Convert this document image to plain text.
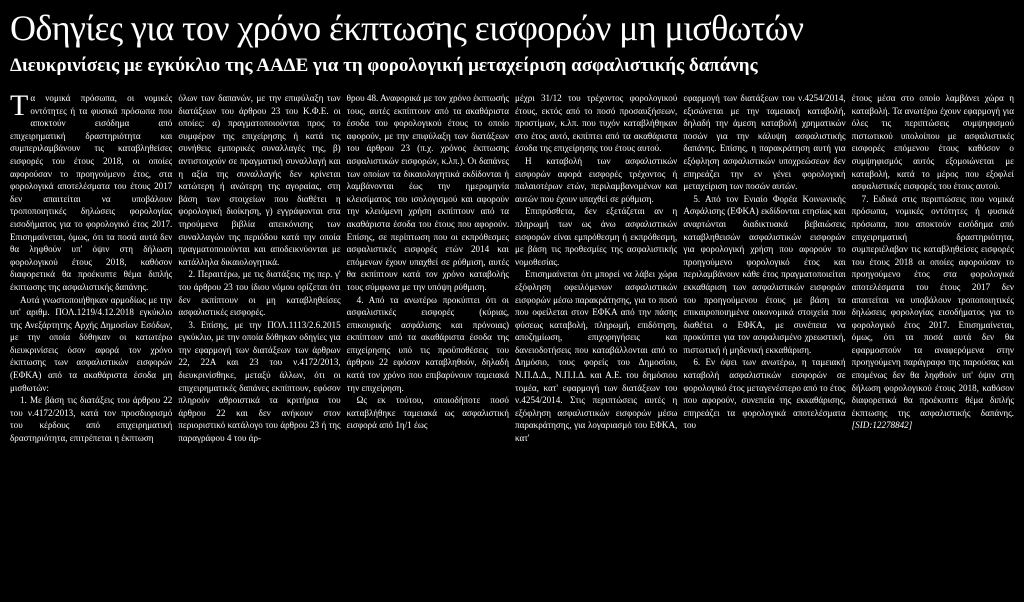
Οδηγίες για τον χρόνο έκπτωσης εισφορών μη μισθωτών
Διευκρινίσεις με εγκύκλιο της ΑΑΔΕ για τη φορολογική μεταχείριση ασφαλιστικής δαπάνης

Τα νομικά πρόσωπα, οι νομικές οντότητες ή τα φυσικά πρόσωπα που αποκτούν εισόδημα από επιχειρηματική δραστηριότητα και συμπεριλαμβάνουν τις καταβληθείσες εισφορές του έτους 2018, οι οποίες αφορούσαν το προηγούμενο έτος, στα φορολογικά αποτελέσματα του έτους 2017 δεν απαιτείται να υποβάλουν τροποποιητικές δηλώσεις φορολογίας εισοδήματος για το φορολογικό έτος 2017. Επισημαίνεται, όμως, ότι τα ποσά αυτά δεν θα ληφθούν υπ' όψιν στη δήλωση φορολογικού έτους 2018, καθόσον διαφορετικά θα προέκυπτε θέμα διπλής έκπτωσης της ασφαλιστικής δαπάνης.

Αυτά γνωστοποιήθηκαν αρμοδίως με την υπ' αριθμ. ΠΟΛ.1219/4.12.2018 εγκύκλιο της Ανεξάρτητης Αρχής Δημοσίων Εσόδων, με την οποία δόθηκαν οι κατωτέρω διευκρινίσεις όσον αφορά τον χρόνο έκπτωσης των ασφαλιστικών εισφορών (ΕΦΚΑ) από τα ακαθάριστα έσοδα μη μισθωτών:

1. Με βάση τις διατάξεις του άρθρου 22 του ν.4172/2013, κατά τον προσδιορισμό του κέρδους από επιχειρηματική δραστηριότητα, επιτρέπεται η έκπτωση

όλων των δαπανών, με την επιφύλαξη των διατάξεων του άρθρου 23 του Κ.Φ.Ε. οι οποίες: α) πραγματοποιούνται προς το συμφέρον της επιχείρησης ή κατά τις συνήθεις εμπορικές συναλλαγές της, β) αντιστοιχούν σε πραγματική συναλλαγή και η αξία της συναλλαγής δεν κρίνεται κατώτερη ή ανώτερη της αγοραίας, στη βάση των στοιχείων που διαθέτει η φορολογική διοίκηση, γ) εγγράφονται στα τηρούμενα βιβλία απεικόνισης των συναλλαγών της περιόδου κατά την οποία πραγματοποιούνται και αποδεικνύονται με κατάλληλα δικαιολογητικά.

2. Περαιτέρω, με τις διατάξεις της περ. γ' του άρθρου 23 του ίδιου νόμου ορίζεται ότι δεν εκπίπτουν οι μη καταβληθείσες ασφαλιστικές εισφορές.

3. Επίσης, με την ΠΟΛ.1113/2.6.2015 εγκύκλιο, με την οποία δόθηκαν οδηγίες για την εφαρμογή των διατάξεων των άρθρων 22, 22Α και 23 του ν.4172/2013, διευκρινίσθηκε, μεταξύ άλλων, ότι οι επιχειρηματικές δαπάνες εκπίπτουν, εφόσον πληρούν αθροιστικά τα κριτήρια του άρθρου 22 και δεν ανήκουν στον περιοριστικό κατάλογο του άρθρου 23 ή της παραγράφου 4 του άρ-

θρου 48. Αναφορικά με τον χρόνο έκπτωσής τους, αυτές εκπίπτουν από τα ακαθάριστα έσοδα του φορολογικού έτους το οποίο αφορούν, με την επιφύλαξη των διατάξεων του άρθρου 23 (π.χ. χρόνος έκπτωσης ασφαλιστικών εισφορών, κ.λπ.). Οι δαπάνες των οποίων τα δικαιολογητικά εκδίδονται ή λαμβάνονται έως την ημερομηνία κλεισίματος του ισολογισμού και αφορούν την κλειόμενη χρήση εκπίπτουν από τα ακαθάριστα έσοδα του έτους που αφορούν. Επίσης, σε περίπτωση που οι εκπρόθεσμες ασφαλιστικές εισφορές ετών 2014 και επόμενων έχουν υπαχθεί σε ρύθμιση, αυτές θα εκπίπτουν κατά τον χρόνο καταβολής τους σύμφωνα με την υπόψη ρύθμιση.

4. Από τα ανωτέρω προκύπτει ότι οι ασφαλιστικές εισφορές (κύριας, επικουρικής ασφάλισης και πρόνοιας) εκπίπτουν από τα ακαθάριστα έσοδα της επιχείρησης υπό τις προϋποθέσεις του άρθρου 22 εφόσον καταβληθούν, δηλαδή κατά τον χρόνο που επιβαρύνουν ταμειακά την επιχείρηση.

Ως εκ τούτου, οποιοδήποτε ποσό καταβλήθηκε ταμειακά ως ασφαλιστική εισφορά από 1η/1 έως

μέχρι 31/12 του τρέχοντος φορολογικού έτους, εκτός από το ποσό προσαυξήσεων, προστίμων, κ.λπ. που τυχόν καταβλήθηκαν στο έτος αυτό, εκπίπτει από τα ακαθάριστα έσοδα της επιχείρησης του έτους αυτού.

Η καταβολή των ασφαλιστικών εισφορών αφορά εισφορές τρέχοντος ή παλαιοτέρων ετών, περιλαμβανομένων και αυτών που έχουν υπαχθεί σε ρύθμιση.

Επιπρόσθετα, δεν εξετάζεται αν η πληρωμή των ως άνω ασφαλιστικών εισφορών είναι εμπρόθεσμη ή εκπρόθεσμη, με βάση τις προθεσμίες της ασφαλιστικής νομοθεσίας.

Επισημαίνεται ότι μπορεί να λάβει χώρα εξόφληση οφειλόμενων ασφαλιστικών εισφορών μέσω παρακράτησης, για το ποσό που οφείλεται στον ΕΦΚΑ από την πάσης φύσεως καταβολή, πληρωμή, επιδότηση, αποζημίωση, επιχορηγήσεις και δανειοδοτήσεις που καταβάλλονται από το Δημόσιο, τους φορείς του Δημοσίου, Ν.Π.Δ.Δ., Ν.Π.Ι.Δ. και Α.Ε. του δημόσιου τομέα, κατ' εφαρμογή των διατάξεων του ν.4254/2014. Στις περιπτώσεις αυτές η εξόφληση ασφαλιστικών εισφορών μέσω παρακράτησης, για λογαριασμό του ΕΦΚΑ, κατ'

εφαρμογή των διατάξεων του ν.4254/2014, εξισώνεται με την ταμειακή καταβολή, δηλαδή την άμεση καταβολή χρηματικών ποσών για την κάλυψη ασφαλιστικής δαπάνης. Επίσης, η παρακράτηση αυτή για εξόφληση ασφαλιστικών υποχρεώσεων δεν επηρεάζει την εν γένει φορολογική μεταχείριση των ποσών αυτών.

5. Από τον Ενιαίο Φορέα Κοινωνικής Ασφάλισης (ΕΦΚΑ) εκδίδονται ετησίως και αναρτώνται διαδικτυακά βεβαιώσεις καταβληθεισών ασφαλιστικών εισφορών για φορολογική χρήση που αφορούν το προηγούμενο φορολογικό έτος και περιλαμβάνουν κάθε έτος πραγματοποιείται εκκαθάριση των ασφαλιστικών εισφορών του προηγούμενου έτους με βάση τα επικαιροποιημένα οικονομικά στοιχεία που διαθέτει ο ΕΦΚΑ, με συνέπεια να προκύπτει για τον ασφαλισμένο χρεωστική, πιστωτική ή μηδενική εκκαθάριση.

6. Εν όψει των ανωτέρω, η ταμειακή καταβολή ασφαλιστικών εισφορών σε φορολογικό έτος μεταγενέστερο από το έτος που αφορούν, συνεπεία της εκκαθάρισης, επηρεάζει τα φορολογικά αποτελέσματα του

έτους μέσα στο οποίο λαμβάνει χώρα η καταβολή. Τα ανωτέρω έχουν εφαρμογή για όλες τις περιπτώσεις συμψηφισμού πιστωτικού υπολοίπου με ασφαλιστικές εισφορές επόμενου έτους καθόσον ο συμψηφισμός αυτός εξομοιώνεται με καταβολή, κατά το μέρος που εξοφλεί ασφαλιστικές εισφορές του έτους αυτού.

7. Ειδικά στις περιπτώσεις που νομικά πρόσωπα, νομικές οντότητες ή φυσικά πρόσωπα, που αποκτούν εισόδημα από επιχειρηματική δραστηριότητα, συμπεριέλαβαν τις καταβληθείσες εισφορές του έτους 2018 οι οποίες αφορούσαν το προηγούμενο έτος στα φορολογικά αποτελέσματα του έτους 2017 δεν απαιτείται να υποβάλουν τροποποιητικές δηλώσεις φορολογίας εισοδήματος για το φορολογικό έτος 2017. Επισημαίνεται, όμως, ότι τα ποσά αυτά δεν θα εφαρμοστούν τα αναφερόμενα στην προηγούμενη παράγραφο της παρούσας και επομένως δεν θα ληφθούν υπ' όψιν στη δήλωση φορολογικού έτους 2018, καθόσον διαφορετικά θα προέκυπτε θέμα διπλής έκπτωσης της ασφαλιστικής δαπάνης. [SID:12278842]
